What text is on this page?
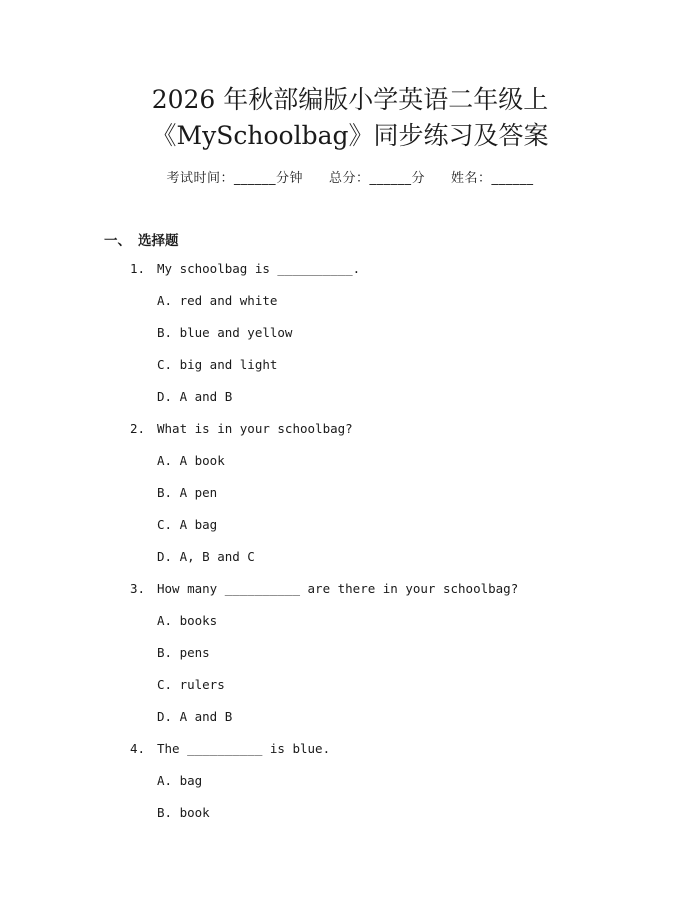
2026 年秋部编版小学英语二年级上
《MySchoolbag》同步练习及答案
考试时间：______分钟 总分：______分 姓名：______
一、 选择题
1. My schoolbag is __________.
A. red and white
B. blue and yellow
C. big and light
D. A and B
2. What is in your schoolbag?
A. A book
B. A pen
C. A bag
D. A, B and C
3. How many __________ are there in your schoolbag?
A. books
B. pens
C. rulers
D. A and B
4. The __________ is blue.
A. bag
B. book
